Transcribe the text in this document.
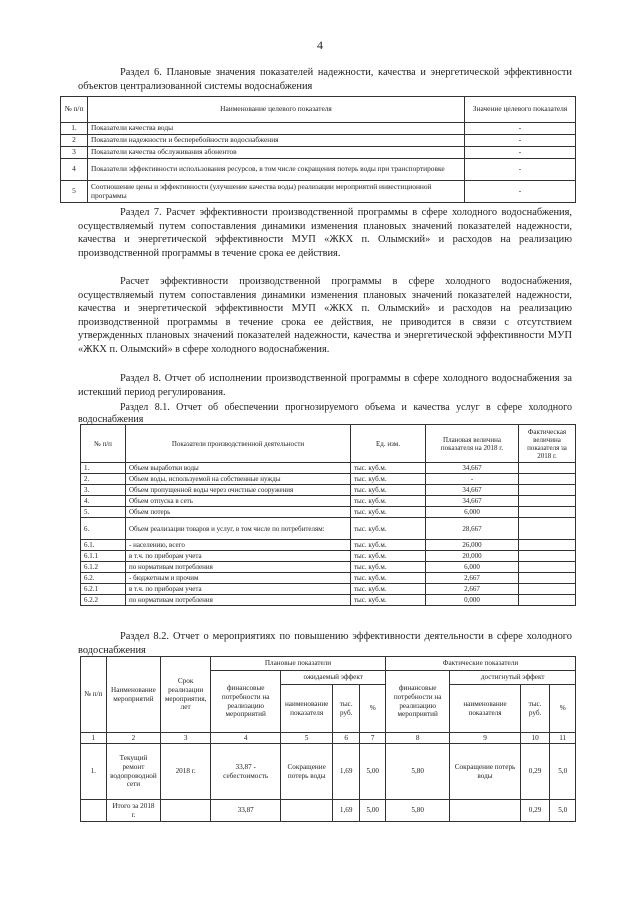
4
Раздел 6. Плановые значения показателей надежности, качества и энергетической эффективности объектов централизованной системы водоснабжения
№ п/п	Наименование целевого показателя	Значение целевого показателя
1.	Показатели качества воды	-
2	Показатели надежности и бесперебойности водоснабжения	-
3	Показатели качества обслуживания абонентов	-
4	Показатели эффективности использования ресурсов, в том числе сокращения потерь воды при транспортировке	-
5	Соотношение цены и эффективности (улучшение качества воды) реализации мероприятий инвестиционной программы	-
Раздел 7. Расчет эффективности производственной программы в сфере холодного водоснабжения, осуществляемый путем сопоставления динамики изменения плановых значений показателей надежности, качества и энергетической эффективности МУП «ЖКХ п. Олымский» и расходов на реализацию производственной программы в течение срока ее действия.
Расчет эффективности производственной программы в сфере холодного водоснабжения, осуществляемый путем сопоставления динамики изменения плановых значений показателей надежности, качества и энергетической эффективности МУП «ЖКХ п. Олымский» и расходов на реализацию производственной программы в течение срока ее действия, не приводится в связи с отсутствием утвержденных плановых значений показателей надежности, качества и энергетической эффективности МУП «ЖКХ п. Олымский» в сфере холодного водоснабжения.
Раздел 8. Отчет об исполнении производственной программы в сфере холодного водоснабжения за истекший период регулирования.
Раздел 8.1. Отчет об обеспечении прогнозируемого объема и качества услуг в сфере холодного водоснабжения
№ п/п	Показатели производственной деятельности	Ед. изм.	Плановая величина показателя на 2018 г.	Фактическая величина показателя за 2018 г.
1.	Объем выработки воды	тыс. куб.м.	34,667	
2.	Объем воды, используемой на собственные нужды	тыс. куб.м.	-	
3.	Объем пропущенной воды через очистные сооружения	тыс. куб.м.	34,667	
4.	Объем отпуска в сеть	тыс. куб.м.	34,667	
5.	Объем потерь	тыс. куб.м.	6,000	
6.	Объем реализации товаров и услуг, в том числе по потребителям:	тыс. куб.м.	28,667	
6.1.	- населению, всего	тыс. куб.м.	26,000	
6.1.1	в т.ч. по приборам учета	тыс. куб.м.	20,000	
6.1.2	по нормативам потребления	тыс. куб.м.	6,000	
6.2.	- бюджетным и прочим	тыс. куб.м.	2,667	
6.2.1	в т.ч. по приборам учета	тыс. куб.м.	2,667	
6.2.2	по нормативам потребления	тыс. куб.м.	0,000	
Раздел 8.2. Отчет о мероприятиях по повышению эффективности деятельности в сфере холодного водоснабжения
№ п/п	Наименование мероприятий	Срок реализации мероприятия, лет	Плановые показатели				Фактические показатели			
			финансовые потребности на реализацию мероприятий	ожидаемый эффект			финансовые потребности на реализацию мероприятий	достигнутый эффект		
				наименование показателя	тыс. руб.	%		наименование показателя	тыс. руб.	%
1	2	3	4	5	6	7	8	9	10	11
1.	Текущий ремонт водопроводной сети	2018 г.	33,87 - себестоимость	Сокращение потерь воды	1,69	5,00	5,80	Сокращение потерь воды	0,29	5,0
	Итого за 2018 г.		33,87		1,69	5,00	5,80		0,29	5,0
